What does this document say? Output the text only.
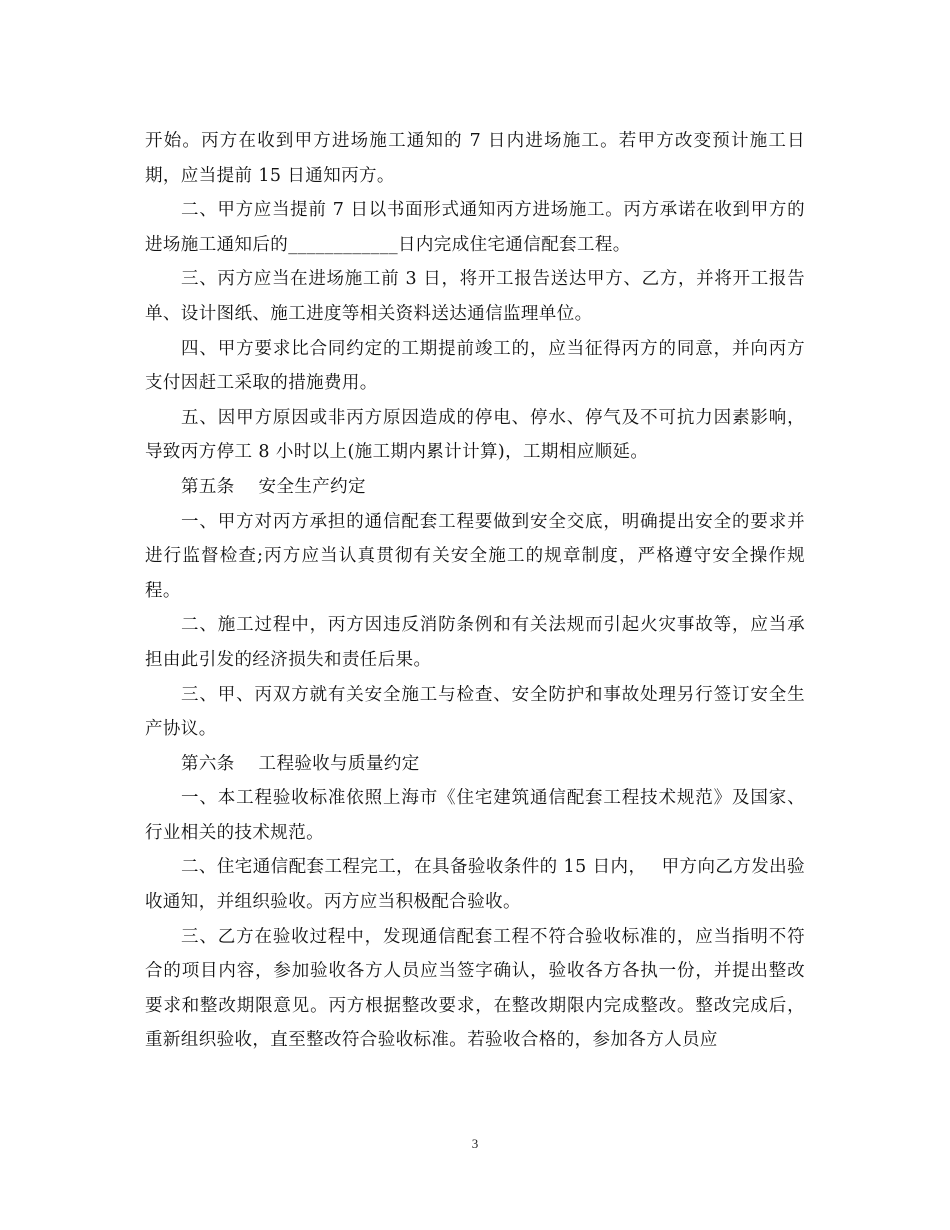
开始。丙方在收到甲方进场施工通知的 7 日内进场施工。若甲方改变预计施工日期，应当提前 15 日通知丙方。

二、甲方应当提前 7 日以书面形式通知丙方进场施工。丙方承诺在收到甲方的进场施工通知后的____________日内完成住宅通信配套工程。

三、丙方应当在进场施工前 3 日，将开工报告送达甲方、乙方，并将开工报告单、设计图纸、施工进度等相关资料送达通信监理单位。

四、甲方要求比合同约定的工期提前竣工的，应当征得丙方的同意，并向丙方支付因赶工采取的措施费用。

五、因甲方原因或非丙方原因造成的停电、停水、停气及不可抗力因素影响，导致丙方停工 8 小时以上(施工期内累计计算)，工期相应顺延。

第五条　 安全生产约定

一、甲方对丙方承担的通信配套工程要做到安全交底，明确提出安全的要求并进行监督检查;丙方应当认真贯彻有关安全施工的规章制度，严格遵守安全操作规程。

二、施工过程中，丙方因违反消防条例和有关法规而引起火灾事故等，应当承担由此引发的经济损失和责任后果。

三、甲、丙双方就有关安全施工与检查、安全防护和事故处理另行签订安全生产协议。

第六条　 工程验收与质量约定

一、本工程验收标准依照上海市《住宅建筑通信配套工程技术规范》及国家、行业相关的技术规范。

二、住宅通信配套工程完工，在具备验收条件的 15 日内，　 甲方向乙方发出验收通知，并组织验收。丙方应当积极配合验收。

三、乙方在验收过程中，发现通信配套工程不符合验收标准的，应当指明不符合的项目内容，参加验收各方人员应当签字确认，验收各方各执一份，并提出整改要求和整改期限意见。丙方根据整改要求，在整改期限内完成整改。整改完成后，重新组织验收，直至整改符合验收标准。若验收合格的，参加各方人员应

3
